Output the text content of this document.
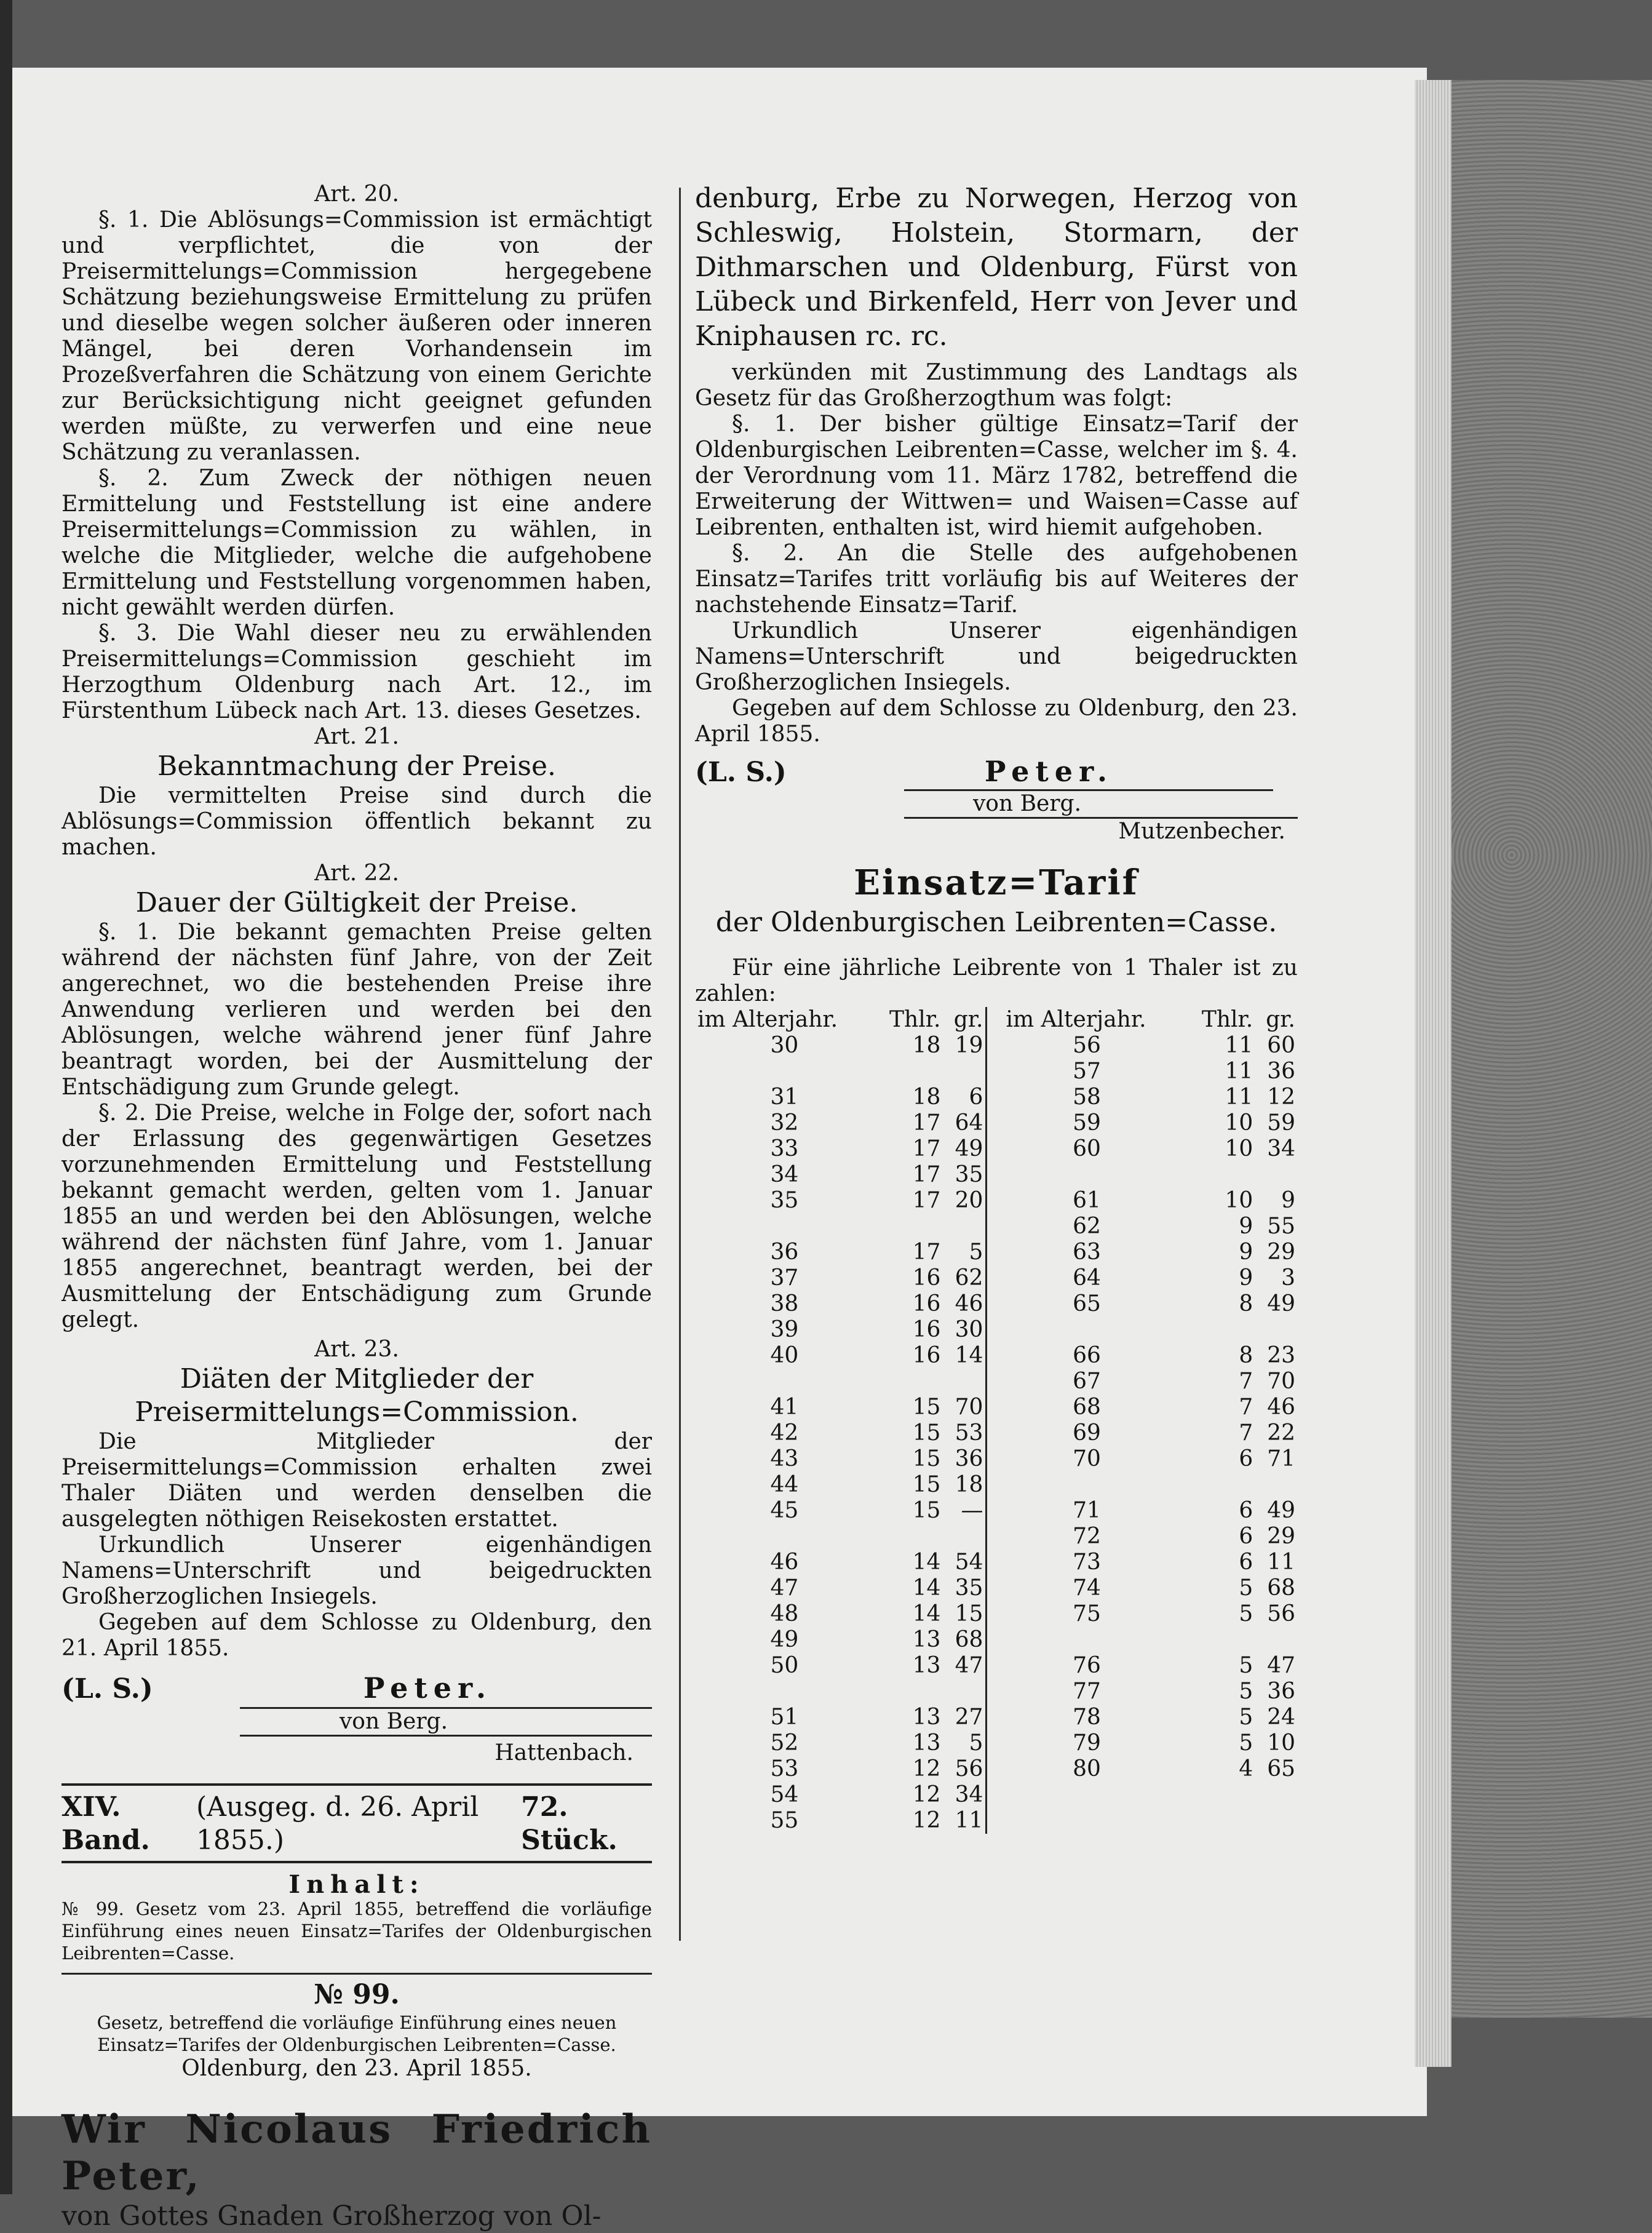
Art. 20.

§. 1. Die Ablösungs=Commission ist ermächtigt und verpflichtet, die von der Preisermittelungs=Commission hergegebene Schätzung beziehungsweise Ermittelung zu prüfen und dieselbe wegen solcher äußeren oder inneren Mängel, bei deren Vorhandensein im Prozeßverfahren die Schätzung von einem Gerichte zur Berücksichtigung nicht geeignet gefunden werden müßte, zu verwerfen und eine neue Schätzung zu veranlassen.

§. 2. Zum Zweck der nöthigen neuen Ermittelung und Feststellung ist eine andere Preisermittelungs=Commission zu wählen, in welche die Mitglieder, welche die aufgehobene Ermittelung und Feststellung vorgenommen haben, nicht gewählt werden dürfen.

§. 3. Die Wahl dieser neu zu erwählenden Preisermittelungs=Commission geschieht im Herzogthum Oldenburg nach Art. 12., im Fürstenthum Lübeck nach Art. 13. dieses Gesetzes.

Art. 21.
Bekanntmachung der Preise.

Die vermittelten Preise sind durch die Ablösungs=Commission öffentlich bekannt zu machen.

Art. 22.
Dauer der Gültigkeit der Preise.

§. 1. Die bekannt gemachten Preise gelten während der nächsten fünf Jahre, von der Zeit angerechnet, wo die bestehenden Preise ihre Anwendung verlieren und werden bei den Ablösungen, welche während jener fünf Jahre beantragt worden, bei der Ausmittelung der Entschädigung zum Grunde gelegt.

§. 2. Die Preise, welche in Folge der, sofort nach der Erlassung des gegenwärtigen Gesetzes vorzunehmenden Ermittelung und Feststellung bekannt gemacht werden, gelten vom 1. Januar 1855 an und werden bei den Ablösungen, welche während der nächsten fünf Jahre, vom 1. Januar 1855 angerechnet, beantragt werden, bei der Ausmittelung der Entschädigung zum Grunde gelegt.

Art. 23.
Diäten der Mitglieder der Preisermittelungs=Commission.

Die Mitglieder der Preisermittelungs=Commission erhalten zwei Thaler Diäten und werden denselben die ausgelegten nöthigen Reisekosten erstattet.

Urkundlich Unserer eigenhändigen Namens=Unterschrift und beigedruckten Großherzoglichen Insiegels.

Gegeben auf dem Schlosse zu Oldenburg, den 21. April 1855.

(L. S.)	Peter.
von Berg.
Hattenbach.
XIV. Band.
(Ausgeg. d. 26. April 1855.)
72. Stück.
Inhalt:
№ 99. Gesetz vom 23. April 1855, betreffend die vorläufige Einführung eines neuen Einsatz=Tarifes der Oldenburgischen Leibrenten=Casse.
№ 99.
Gesetz, betreffend die vorläufige Einführung eines neuen Einsatz=Tarifes der Oldenburgischen Leibrenten=Casse.
Oldenburg, den 23. April 1855.
Wir Nicolaus Friedrich Peter,
von Gottes Gnaden Großherzog von Ol-

denburg, Erbe zu Norwegen, Herzog von Schleswig, Holstein, Stormarn, der Dithmarschen und Oldenburg, Fürst von Lübeck und Birkenfeld, Herr von Jever und Kniphausen rc. rc.

verkünden mit Zustimmung des Landtags als Gesetz für das Großherzogthum was folgt:

§. 1. Der bisher gültige Einsatz=Tarif der Oldenburgischen Leibrenten=Casse, welcher im §. 4. der Verordnung vom 11. März 1782, betreffend die Erweiterung der Wittwen= und Waisen=Casse auf Leibrenten, enthalten ist, wird hiemit aufgehoben.

§. 2. An die Stelle des aufgehobenen Einsatz=Tarifes tritt vorläufig bis auf Weiteres der nachstehende Einsatz=Tarif.

Urkundlich Unserer eigenhändigen Namens=Unterschrift und beigedruckten Großherzoglichen Insiegels.

Gegeben auf dem Schlosse zu Oldenburg, den 23. April 1855.

(L. S.)	Peter.
von Berg.
Mutzenbecher.
Einsatz=Tarif
der Oldenburgischen Leibrenten=Casse.

Für eine jährliche Leibrente von 1 Thaler ist zu zahlen:

im Alterjahr.	Thlr.	gr.	im Alterjahr.	Thlr.	gr.
30	18	19	56	11	60
			57	11	36
31	18	6	58	11	12
32	17	64	59	10	59
33	17	49	60	10	34
34	17	35			
35	17	20	61	10	9
			62	9	55
36	17	5	63	9	29
37	16	62	64	9	3
38	16	46	65	8	49
39	16	30			
40	16	14	66	8	23
			67	7	70
41	15	70	68	7	46
42	15	53	69	7	22
43	15	36	70	6	71
44	15	18			
45	15	—	71	6	49
			72	6	29
46	14	54	73	6	11
47	14	35	74	5	68
48	14	15	75	5	56
49	13	68			
50	13	47	76	5	47
			77	5	36
51	13	27	78	5	24
52	13	5	79	5	10
53	12	56	80	4	65
54	12	34			
55	12	11			
